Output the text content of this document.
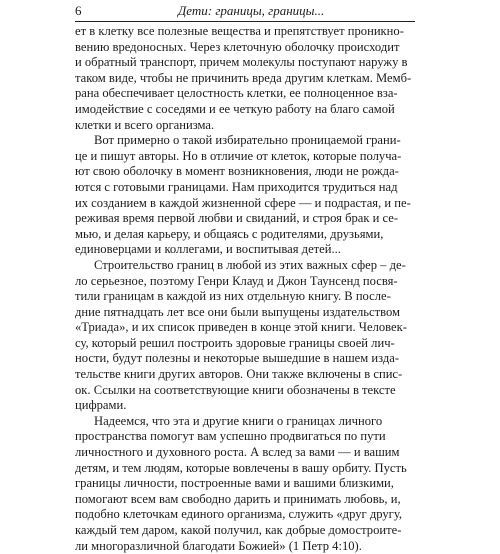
6	Дети: границы, границы...
ет в клетку все полезные вещества и препятствует проникно-
вению вредоносных. Через клеточную оболочку происходит
и обратный транспорт, причем молекулы поступают наружу в
таком виде, чтобы не причинить вреда другим клеткам. Мемб-
рана обеспечивает целостность клетки, ее полноценное вза-
имодействие с соседями и ее четкую работу на благо самой
клетки и всего организма.
Вот примерно о такой избирательно проницаемой грани-
це и пишут авторы. Но в отличие от клеток, которые получа-
ют свою оболочку в момент возникновения, люди не рожда-
ются с готовыми границами. Нам приходится трудиться над
их созданием в каждой жизненной сфере — и подрастая, и пе-
реживая время первой любви и свиданий, и строя брак и се-
мью, и делая карьеру, и общаясь с родителями, друзьями,
единоверцами и коллегами, и воспитывая детей...
Строительство границ в любой из этих важных сфер – де-
ло серьезное, поэтому Генри Клауд и Джон Таунсенд посвя-
тили границам в каждой из них отдельную книгу. В после-
дние пятнадцать лет все они были выпущены издательством
«Триада», и их список приведен в конце этой книги. Человек-
су, который решил построить здоровые границы своей лич-
ности, будут полезны и некоторые вышедшие в нашем изда-
тельстве книги других авторов. Они также включены в спис-
ок. Ссылки на соответствующие книги обозначены в тексте
цифрами.
Надеемся, что эта и другие книги о границах личного
пространства помогут вам успешно продвигаться по пути
личностного и духовного роста. А вслед за вами — и вашим
детям, и тем людям, которые вовлечены в вашу орбиту. Пусть
границы личности, построенные вами и вашими близкими,
помогают всем вам свободно дарить и принимать любовь, и,
подобно клеточкам единого организма, служить «друг другу,
каждый тем даром, какой получил, как добрые домостроите-
ли многоразличной благодати Божией» (1 Петр 4:10).
